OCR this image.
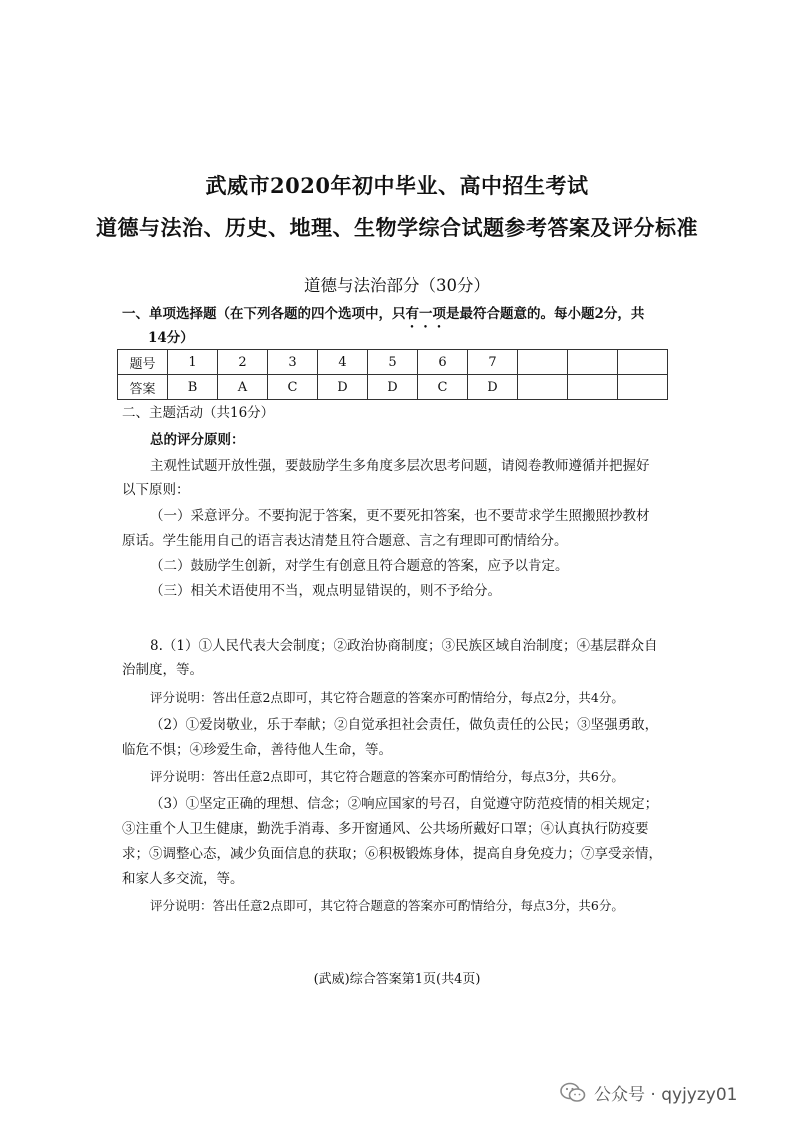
武威市2020年初中毕业、高中招生考试
道德与法治、历史、地理、生物学综合试题参考答案及评分标准
道德与法治部分（30分）
一、单项选择题（在下列各题的四个选项中，只有一项是最符合题意的。每小题2分，共
14分）
题号	1	2	3	4	5	6	7			
答案	B	A	C	D	D	C	D			
二、主题活动（共16分）
总的评分原则：
主观性试题开放性强，要鼓励学生多角度多层次思考问题，请阅卷教师遵循并把握好
以下原则：
（一）采意评分。不要拘泥于答案，更不要死扣答案，也不要苛求学生照搬照抄教材
原话。学生能用自己的语言表达清楚且符合题意、言之有理即可酌情给分。
（二）鼓励学生创新，对学生有创意且符合题意的答案，应予以肯定。
（三）相关术语使用不当，观点明显错误的，则不予给分。
8.（1）①人民代表大会制度；②政治协商制度；③民族区域自治制度；④基层群众自
治制度，等。
评分说明：答出任意2点即可，其它符合题意的答案亦可酌情给分，每点2分，共4分。
（2）①爱岗敬业，乐于奉献；②自觉承担社会责任，做负责任的公民；③坚强勇敢，
临危不惧；④珍爱生命，善待他人生命，等。
评分说明：答出任意2点即可，其它符合题意的答案亦可酌情给分，每点3分，共6分。
（3）①坚定正确的理想、信念；②响应国家的号召，自觉遵守防范疫情的相关规定；
③注重个人卫生健康，勤洗手消毒、多开窗通风、公共场所戴好口罩；④认真执行防疫要
求；⑤调整心态，减少负面信息的获取；⑥积极锻炼身体，提高自身免疫力；⑦享受亲情，
和家人多交流，等。
评分说明：答出任意2点即可，其它符合题意的答案亦可酌情给分，每点3分，共6分。
(武威)综合答案第1页(共4页)
公众号 · qyjyzy01
